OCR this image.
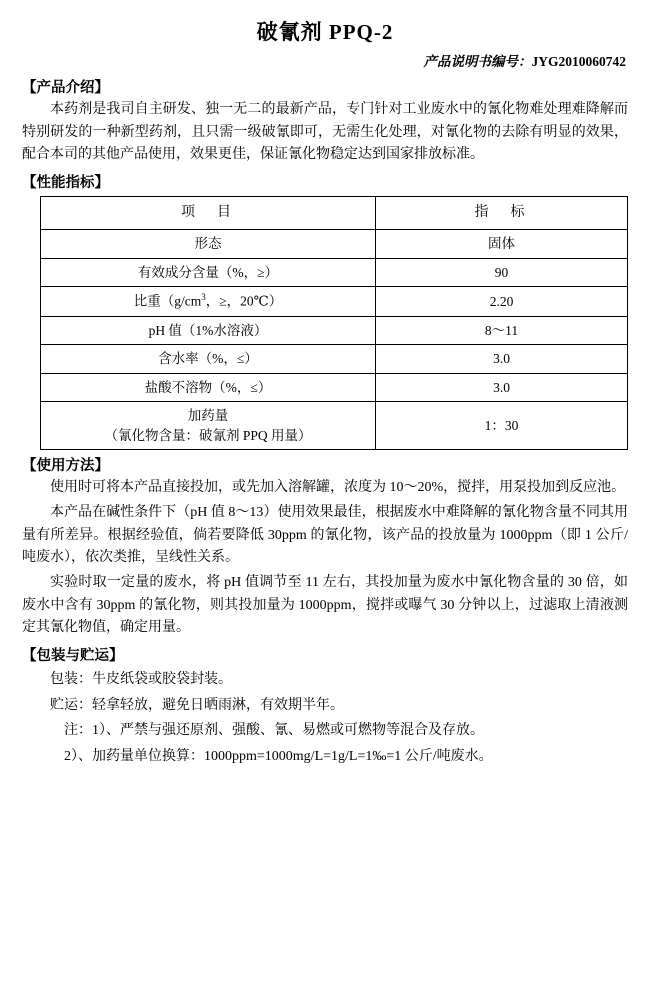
破氰剂 PPQ-2
产品说明书编号：JYG2010060742
【产品介绍】

本药剂是我司自主研发、独一无二的最新产品，专门针对工业废水中的氰化物难处理难降解而特别研发的一种新型药剂，且只需一级破氰即可，无需生化处理，对氰化物的去除有明显的效果，配合本司的其他产品使用，效果更佳，保证氰化物稳定达到国家排放标准。

【性能指标】
项　目	指　标
形态	固体
有效成分含量（%，≥）	90
比重（$g/cm^3$，≥，20℃）	2.20
pH 值（1%水溶液）	8～11
含水率（%，≤）	3.0
盐酸不溶物（%，≤）	3.0

加药量
（氰化物含量：破氰剂 PPQ 用量）	1：30
【使用方法】

使用时可将本产品直接投加，或先加入溶解罐，浓度为 10～20%，搅拌，用泵投加到反应池。

本产品在碱性条件下（pH 值 8～13）使用效果最佳，根据废水中难降解的氰化物含量不同其用量有所差异。根据经验值，倘若要降低 30ppm 的氰化物，该产品的投放量为 1000ppm（即 1 公斤/吨废水），依次类推，呈线性关系。

实验时取一定量的废水，将 pH 值调节至 11 左右，其投加量为废水中氰化物含量的 30 倍，如废水中含有 30ppm 的氰化物，则其投加量为 1000ppm，搅拌或曝气 30 分钟以上，过滤取上清液测定其氰化物值，确定用量。

【包装与贮运】
包装：牛皮纸袋或胶袋封装。
贮运：轻拿轻放，避免日晒雨淋，有效期半年。
注：1）、严禁与强还原剂、强酸、氰、易燃或可燃物等混合及存放。
2）、加药量单位换算：1000ppm=1000mg/L=1g/L=1‰=1 公斤/吨废水。
